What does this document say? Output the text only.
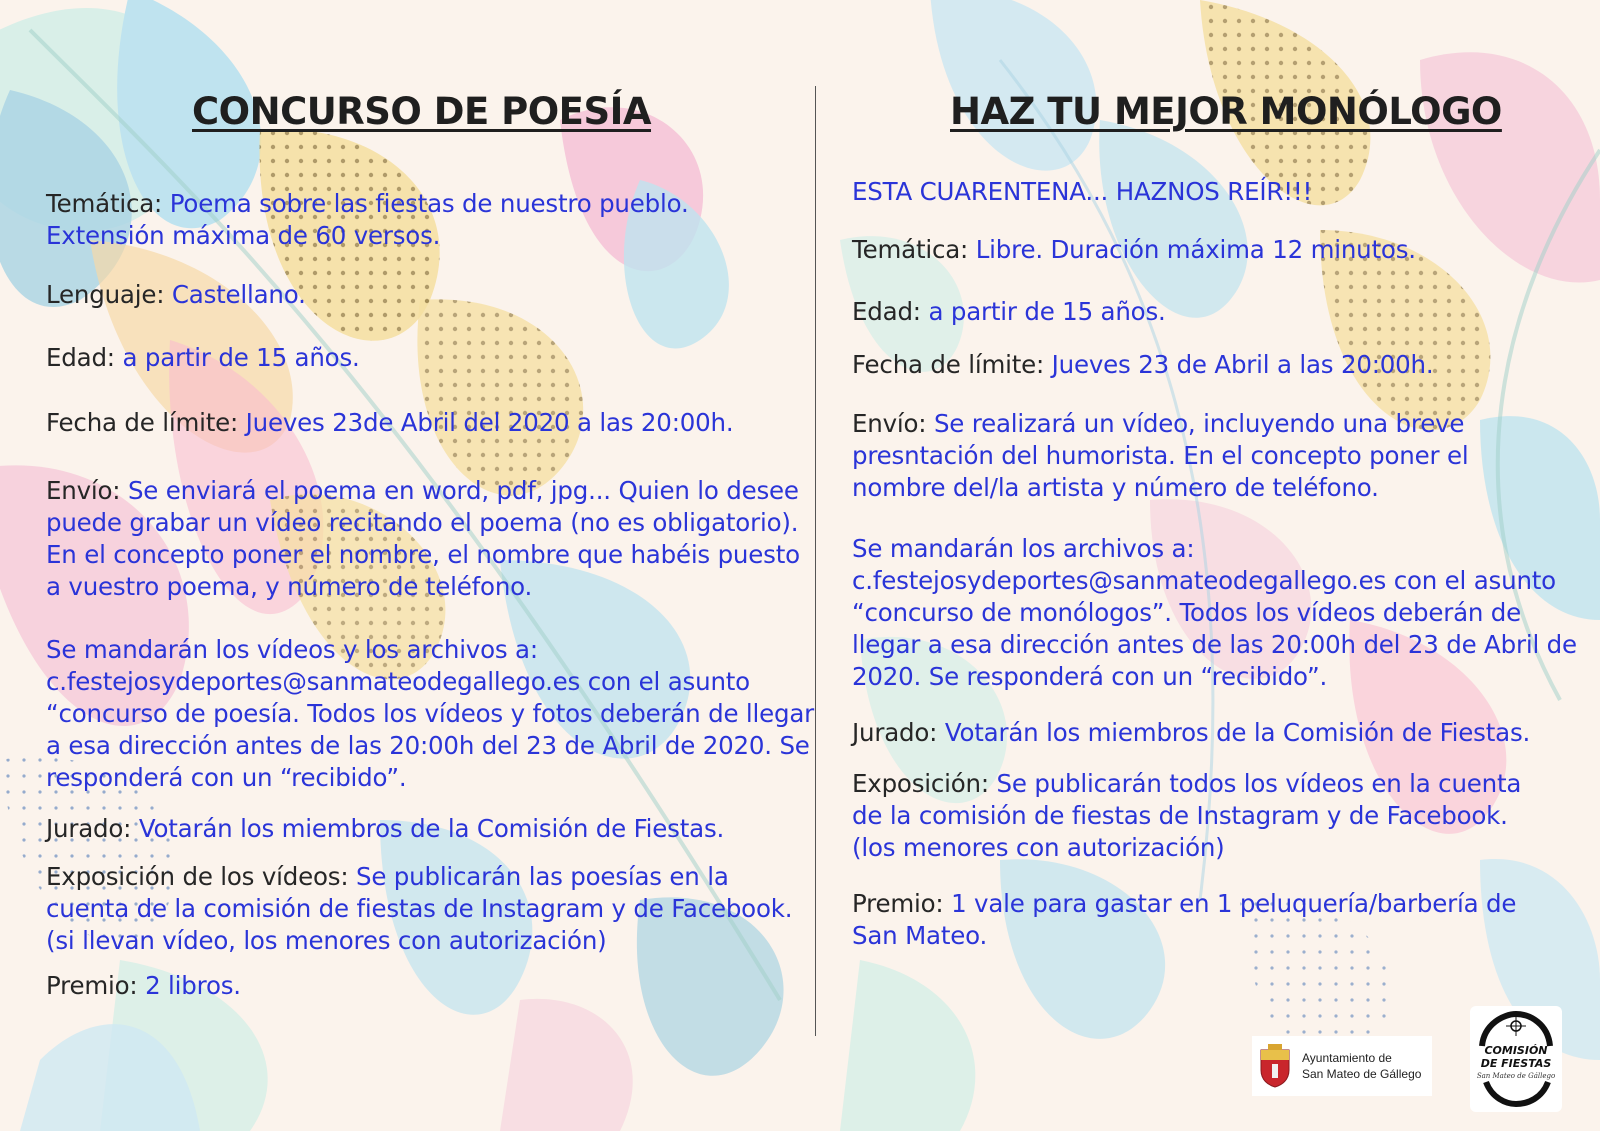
CONCURSO DE POESÍA

Temática: Poema sobre las fiestas de nuestro pueblo. Extensión máxima de 60 versos.

Lenguaje: Castellano.

Edad: a partir de 15 años.

Fecha de límite: Jueves 23de Abril del 2020 a las 20:00h.

Envío: Se enviará el poema en word, pdf, jpg... Quien lo desee puede grabar un vídeo recitando el poema (no es obligatorio). En el concepto poner el nombre, el nombre que habéis puesto a vuestro poema, y número de teléfono.

Se mandarán los vídeos y los archivos a: c.festejosydeportes@sanmateodegallego.es con el asunto “concurso de poesía. Todos los vídeos y fotos deberán de llegar a esa dirección antes de las 20:00h del 23 de Abril de 2020. Se responderá con un “recibido”.

Jurado: Votarán los miembros de la Comisión de Fiestas.

Exposición de los vídeos: Se publicarán las poesías en la cuenta de la comisión de fiestas de Instagram y de Facebook. (si llevan vídeo, los menores con autorización)

Premio: 2 libros.

HAZ TU MEJOR MONÓLOGO

ESTA CUARENTENA... HAZNOS REÍR!!!

Temática: Libre. Duración máxima 12 minutos.

Edad: a partir de 15 años.

Fecha de límite: Jueves 23 de Abril a las 20:00h.

Envío: Se realizará un vídeo, incluyendo una breve presntación del humorista. En el concepto poner el nombre del/la artista y número de teléfono.

Se mandarán los archivos a: c.festejosydeportes@sanmateodegallego.es con el asunto “concurso de monólogos”. Todos los vídeos deberán de llegar a esa dirección antes de las 20:00h del 23 de Abril de 2020. Se responderá con un “recibido”.

Jurado: Votarán los miembros de la Comisión de Fiestas.

Exposición: Se publicarán todos los vídeos en la cuenta de la comisión de fiestas de Instagram y de Facebook. (los menores con autorización)

Premio: 1 vale para gastar en 1 peluquería/barbería de San Mateo.

Ayuntamiento de
San Mateo de Gállego
COMISIÓN
DE FIESTAS
San Mateo de Gállego
